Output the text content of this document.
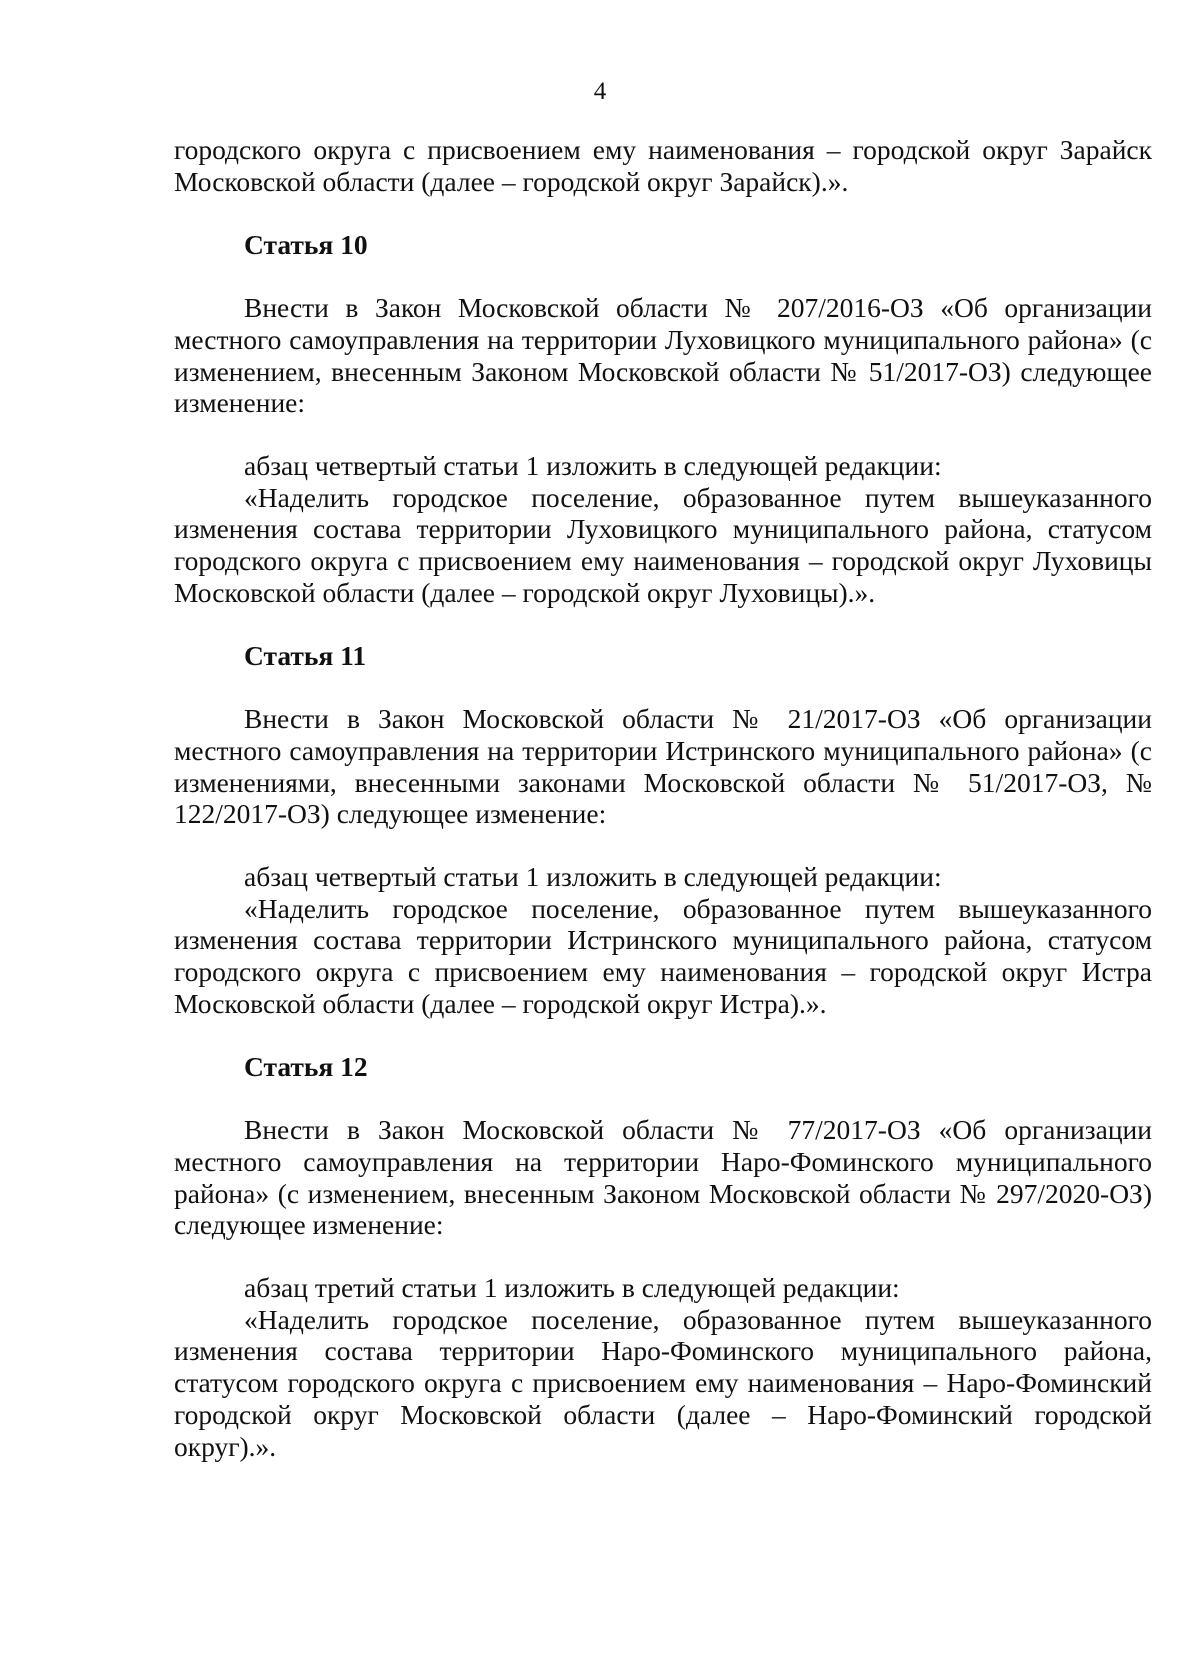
4

городского округа с присвоением ему наименования – городской округ Зарайск Московской области (далее – городской округ Зарайск).».

Статья 10

Внести в Закон Московской области № 207/2016-ОЗ «Об организации местного самоуправления на территории Луховицкого муниципального района» (с изменением, внесенным Законом Московской области № 51/2017-ОЗ) следующее изменение:

абзац четвертый статьи 1 изложить в следующей редакции:

«Наделить городское поселение, образованное путем вышеуказанного изменения состава территории Луховицкого муниципального района, статусом городского округа с присвоением ему наименования – городской округ Луховицы Московской области (далее – городской округ Луховицы).».

Статья 11

Внести в Закон Московской области № 21/2017-ОЗ «Об организации местного самоуправления на территории Истринского муниципального района» (с изменениями, внесенными законами Московской области № 51/2017-ОЗ, № 122/2017-ОЗ) следующее изменение:

абзац четвертый статьи 1 изложить в следующей редакции:

«Наделить городское поселение, образованное путем вышеуказанного изменения состава территории Истринского муниципального района, статусом городского округа с присвоением ему наименования – городской округ Истра Московской области (далее – городской округ Истра).».

Статья 12

Внести в Закон Московской области № 77/2017-ОЗ «Об организации местного самоуправления на территории Наро-Фоминского муниципального района» (с изменением, внесенным Законом Московской области № 297/2020-ОЗ) следующее изменение:

абзац третий статьи 1 изложить в следующей редакции:

«Наделить городское поселение, образованное путем вышеуказанного изменения состава территории Наро-Фоминского муниципального района, статусом городского округа с присвоением ему наименования – Наро-Фоминский городской округ Московской области (далее – Наро-Фоминский городской округ).».
